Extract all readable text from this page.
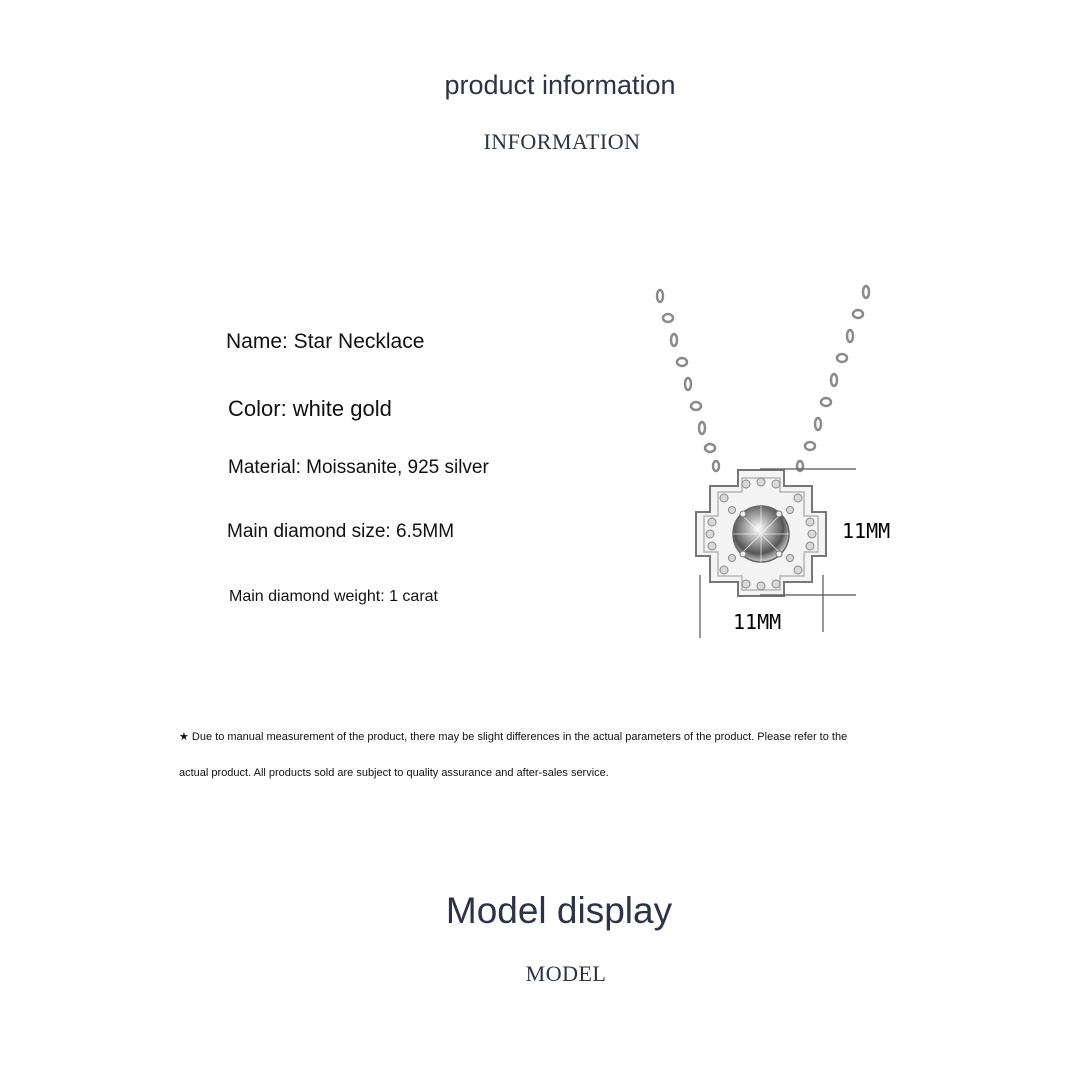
product information
INFORMATION
Name: Star Necklace
Color: white gold
Material: Moissanite, 925 silver
Main diamond size: 6.5MM
Main diamond weight: 1 carat
11MM
11MM
★ Due to manual measurement of the product, there may be slight differences in the actual parameters of the product. Please refer to the
actual product. All products sold are subject to quality assurance and after-sales service.
Model display
MODEL
